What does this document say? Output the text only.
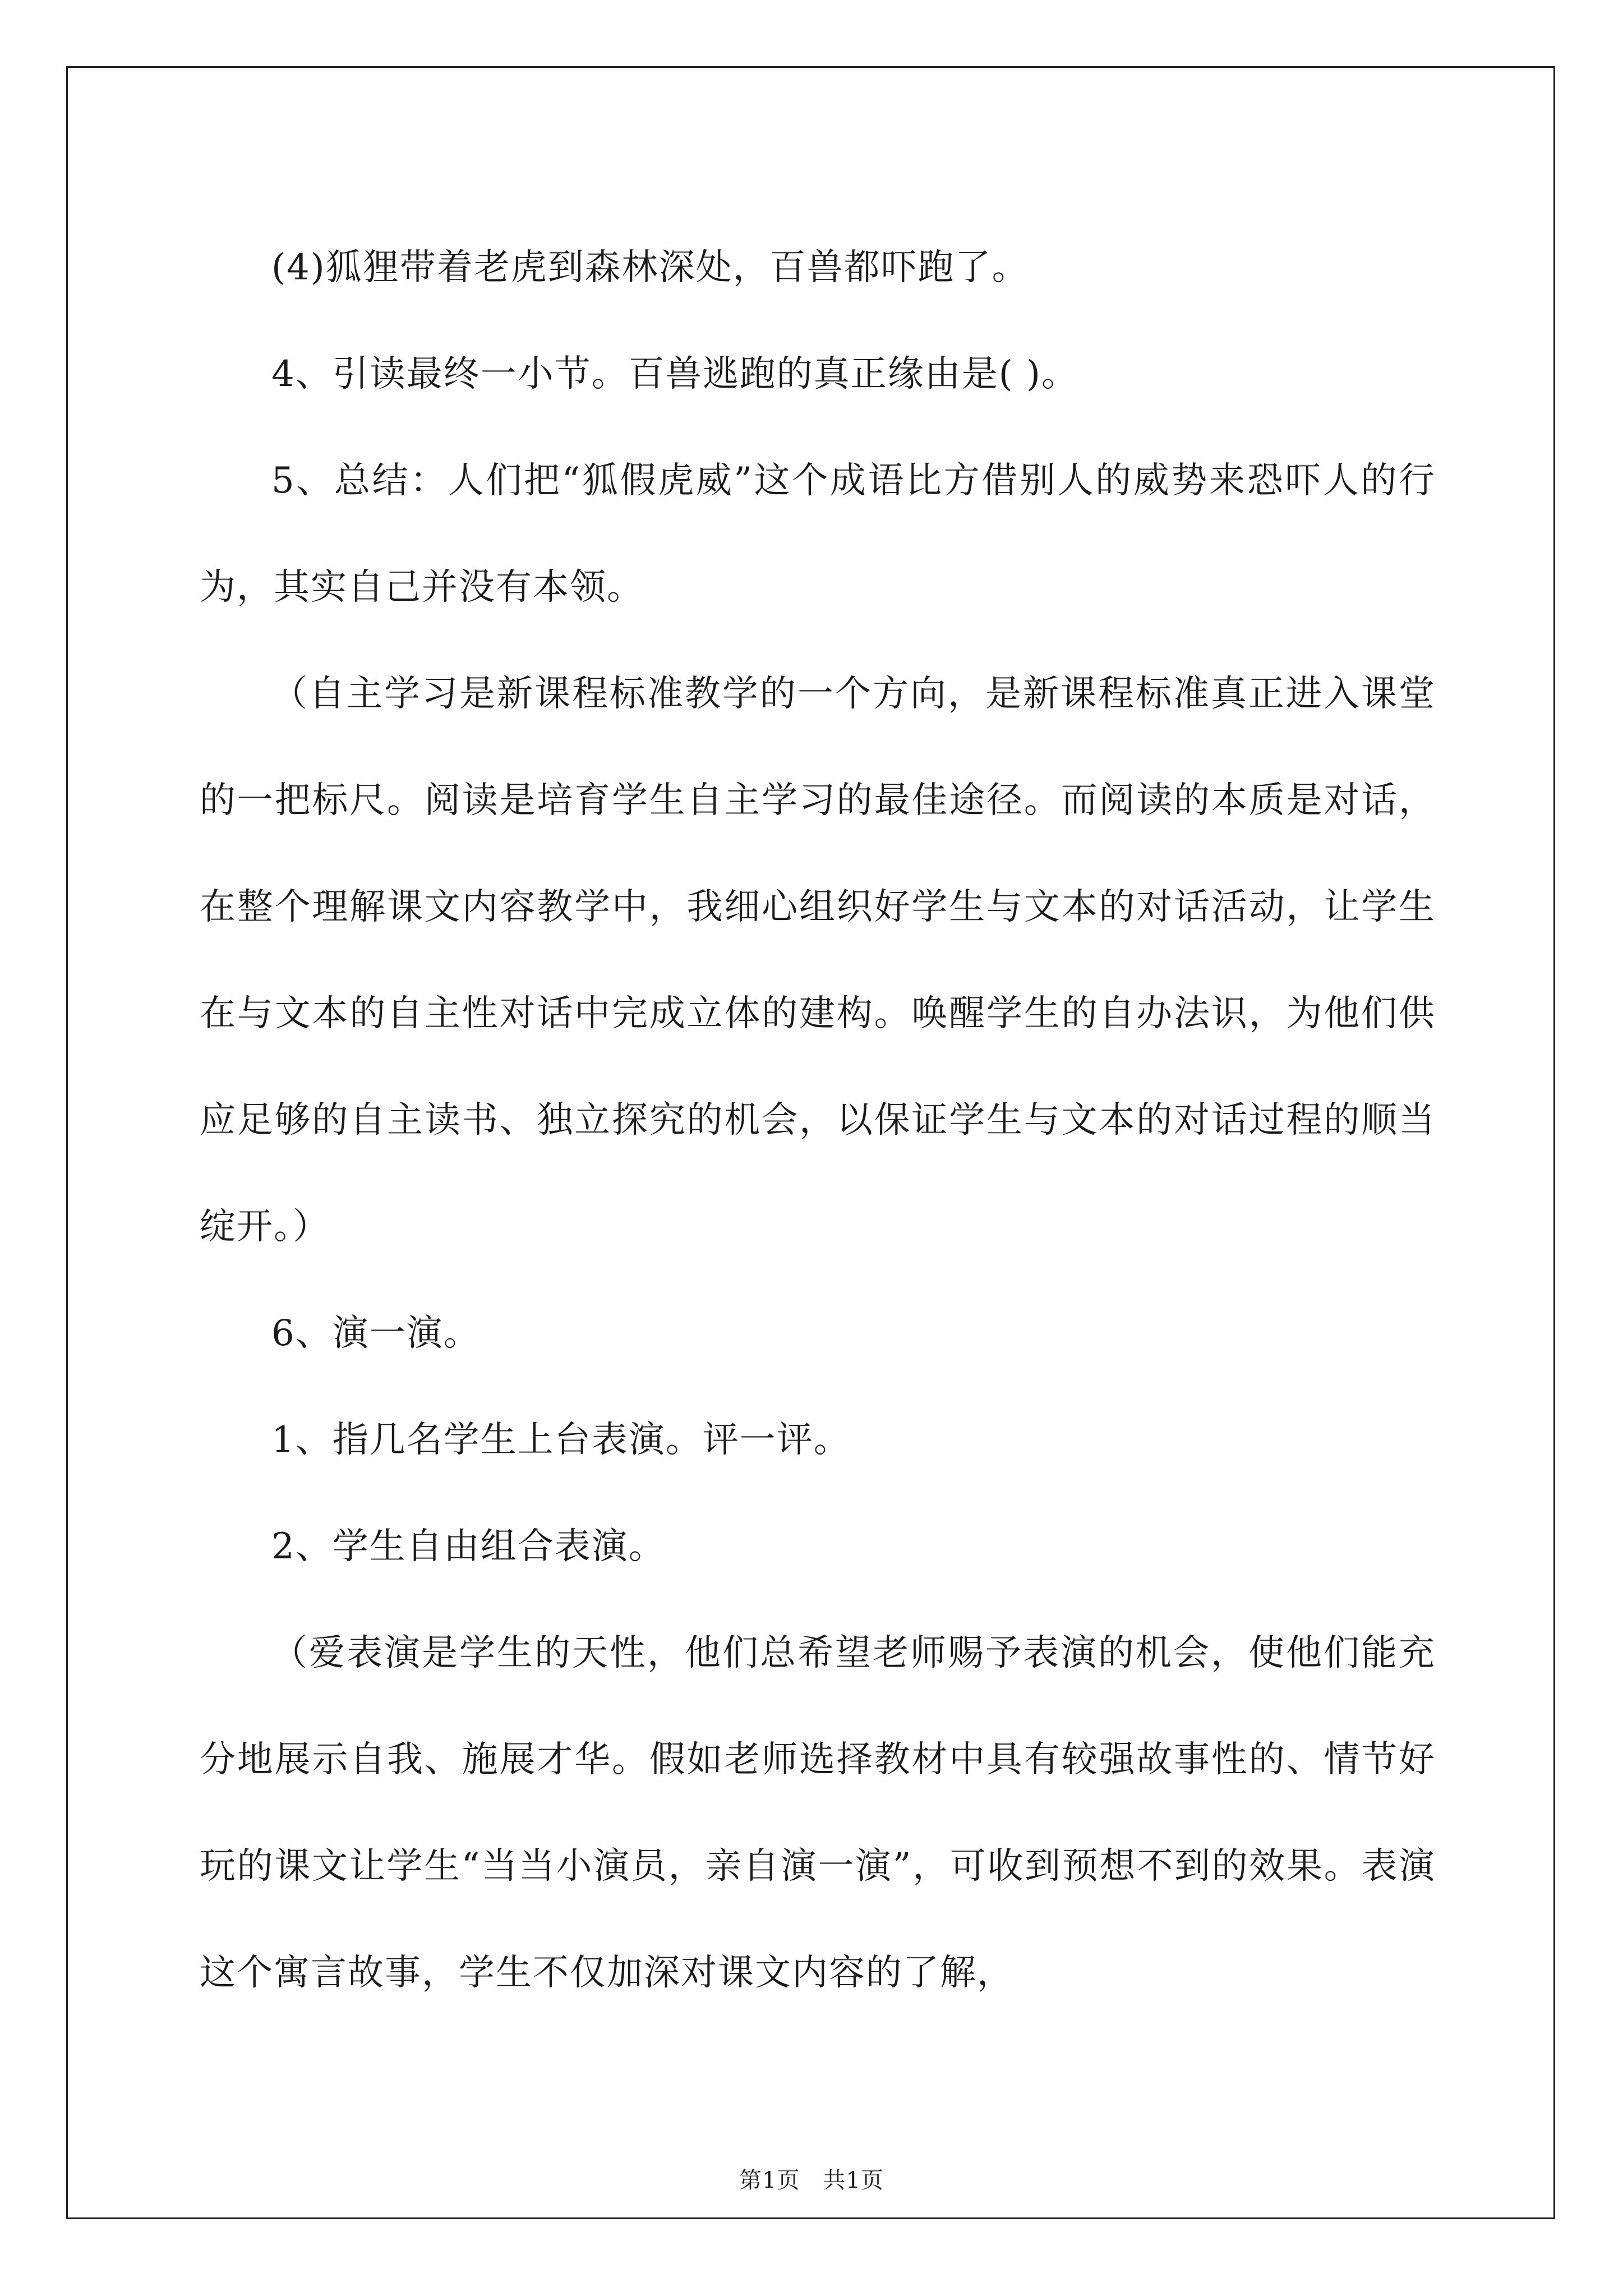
(4)狐狸带着老虎到森林深处，百兽都吓跑了。

4、引读最终一小节。百兽逃跑的真正缘由是( )。

5、总结：人们把“狐假虎威”这个成语比方借别人的威势来恐吓人的行为，其实自己并没有本领。

（自主学习是新课程标准教学的一个方向，是新课程标准真正进入课堂的一把标尺。阅读是培育学生自主学习的最佳途径。而阅读的本质是对话，在整个理解课文内容教学中，我细心组织好学生与文本的对话活动，让学生在与文本的自主性对话中完成立体的建构。唤醒学生的自办法识，为他们供应足够的自主读书、独立探究的机会，以保证学生与文本的对话过程的顺当绽开。）

6、演一演。

1、指几名学生上台表演。评一评。

2、学生自由组合表演。

（爱表演是学生的天性，他们总希望老师赐予表演的机会，使他们能充分地展示自我、施展才华。假如老师选择教材中具有较强故事性的、情节好玩的课文让学生“当当小演员，亲自演一演”，可收到预想不到的效果。表演这个寓言故事，学生不仅加深对课文内容的了解，

第1页　共1页
